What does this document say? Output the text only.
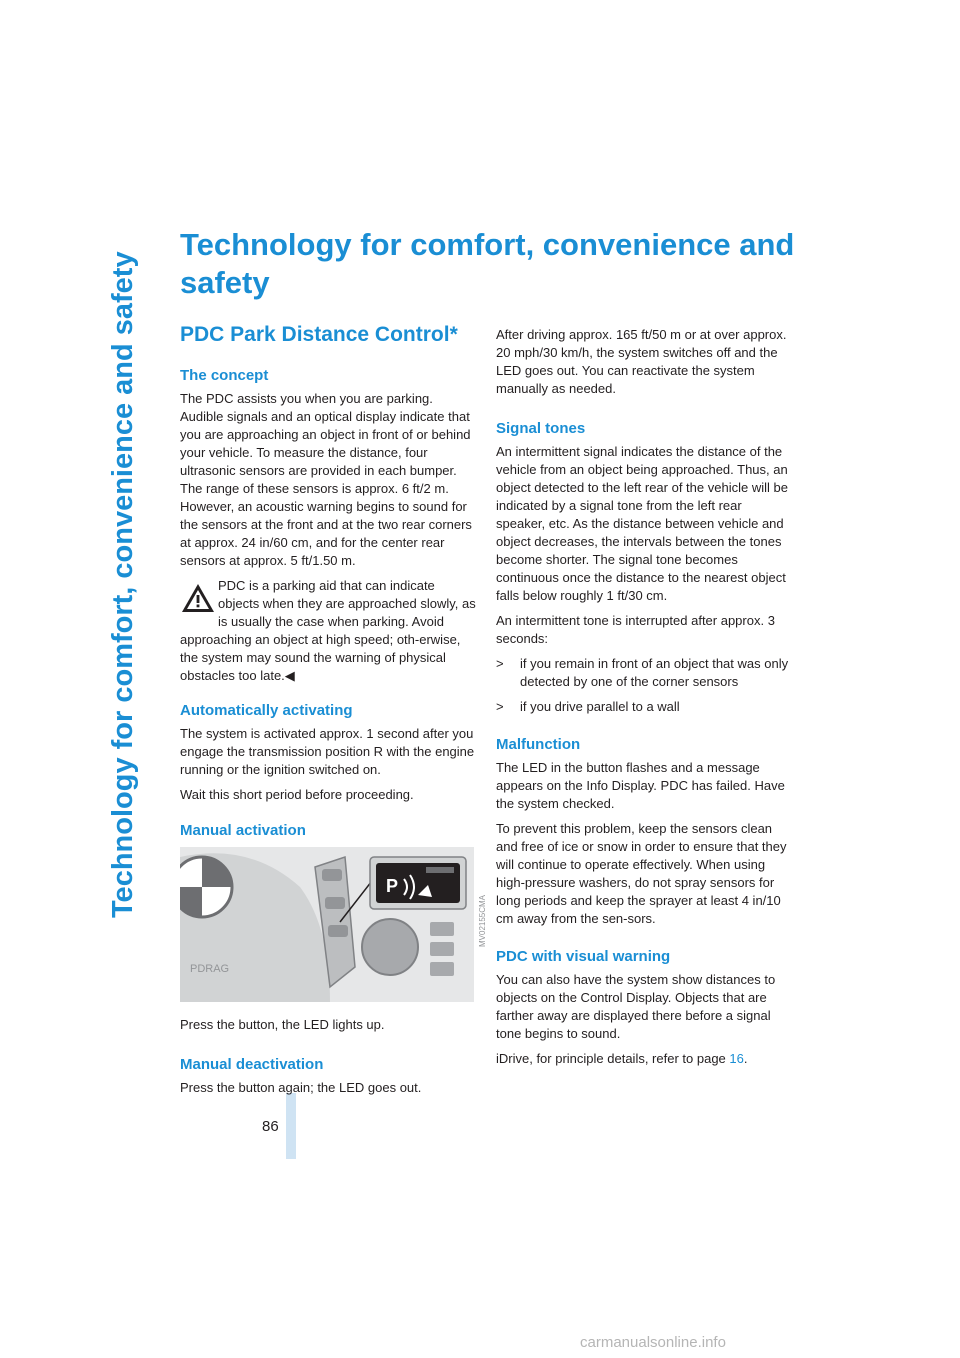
Technology for comfort, convenience and safety
86
Technology for comfort, convenience and safety
PDC Park Distance Control*
The concept

The PDC assists you when you are parking. Audible signals and an optical display indicate that you are approaching an object in front of or behind your vehicle. To measure the distance, four ultrasonic sensors are provided in each bumper. The range of these sensors is approx. 6 ft/2 m. However, an acoustic warning begins to sound for the sensors at the front and at the two rear corners at approx. 24 in/60 cm, and for the center rear sensors at approx. 5 ft/1.50 m.

PDC is a parking aid that can indicate objects when they are approached slowly, as is usually the case when parking. Avoid approaching an object at high speed; oth-erwise, the system may sound the warning of physical obstacles too late.◀
Automatically activating

The system is activated approx. 1 second after you engage the transmission position R with the engine running or the ignition switched on.

Wait this short period before proceeding.

Manual activation
P
PDRAG
MV02155CMA

Press the button, the LED lights up.

Manual deactivation

Press the button again; the LED goes out.

After driving approx. 165 ft/50 m or at over approx. 20 mph/30 km/h, the system switches off and the LED goes out. You can reactivate the system manually as needed.

Signal tones

An intermittent signal indicates the distance of the vehicle from an object being approached. Thus, an object detected to the left rear of the vehicle will be indicated by a signal tone from the left rear speaker, etc. As the distance between vehicle and object decreases, the intervals between the tones become shorter. The signal tone becomes continuous once the distance to the nearest object falls below roughly 1 ft/30 cm.

An intermittent tone is interrupted after approx. 3 seconds:

>	if you remain in front of an object that was only detected by one of the corner sensors
>	if you drive parallel to a wall
Malfunction

The LED in the button flashes and a message appears on the Info Display. PDC has failed. Have the system checked.

To prevent this problem, keep the sensors clean and free of ice or snow in order to ensure that they will continue to operate effectively. When using high-pressure washers, do not spray sensors for long periods and keep the sprayer at least 4 in/10 cm away from the sen-sors.

PDC with visual warning

You can also have the system show distances to objects on the Control Display. Objects that are farther away are displayed there before a signal tone begins to sound.

iDrive, for principle details, refer to page 16.

carmanualsonline.info
